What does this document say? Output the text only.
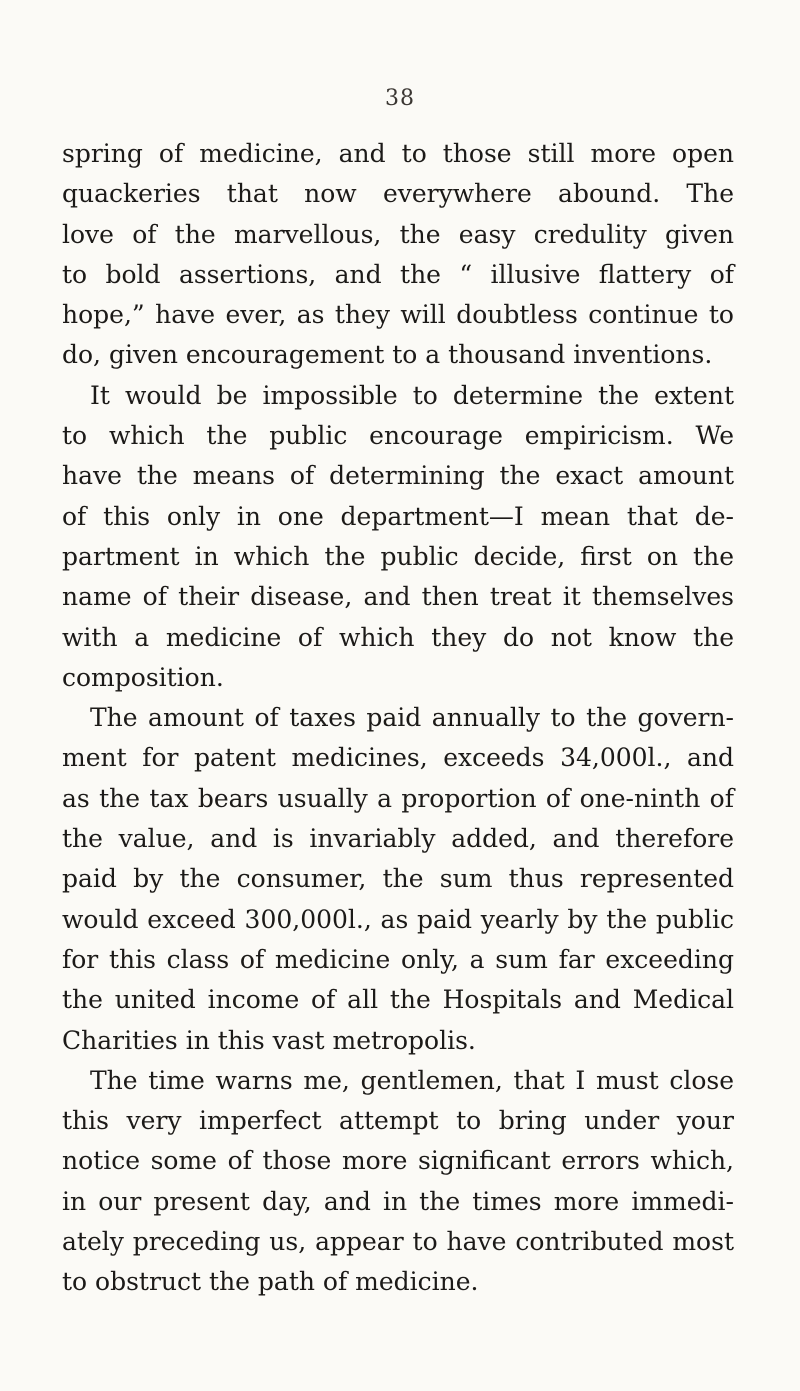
38
spring of medicine, and to those still more open
quackeries that now everywhere abound. The
love of the marvellous, the easy credulity given
to bold assertions, and the “ illusive flattery of
hope,” have ever, as they will doubtless continue to
do, given encouragement to a thousand inventions.
It would be impossible to determine the extent
to which the public encourage empiricism. We
have the means of determining the exact amount
of this only in one department—I mean that de-
partment in which the public decide, first on the
name of their disease, and then treat it themselves
with a medicine of which they do not know the
composition.
The amount of taxes paid annually to the govern-
ment for patent medicines, exceeds 34,000l., and
as the tax bears usually a proportion of one-ninth of
the value, and is invariably added, and therefore
paid by the consumer, the sum thus represented
would exceed 300,000l., as paid yearly by the public
for this class of medicine only, a sum far exceeding
the united income of all the Hospitals and Medical
Charities in this vast metropolis.
The time warns me, gentlemen, that I must close
this very imperfect attempt to bring under your
notice some of those more significant errors which,
in our present day, and in the times more immedi-
ately preceding us, appear to have contributed most
to obstruct the path of medicine.
